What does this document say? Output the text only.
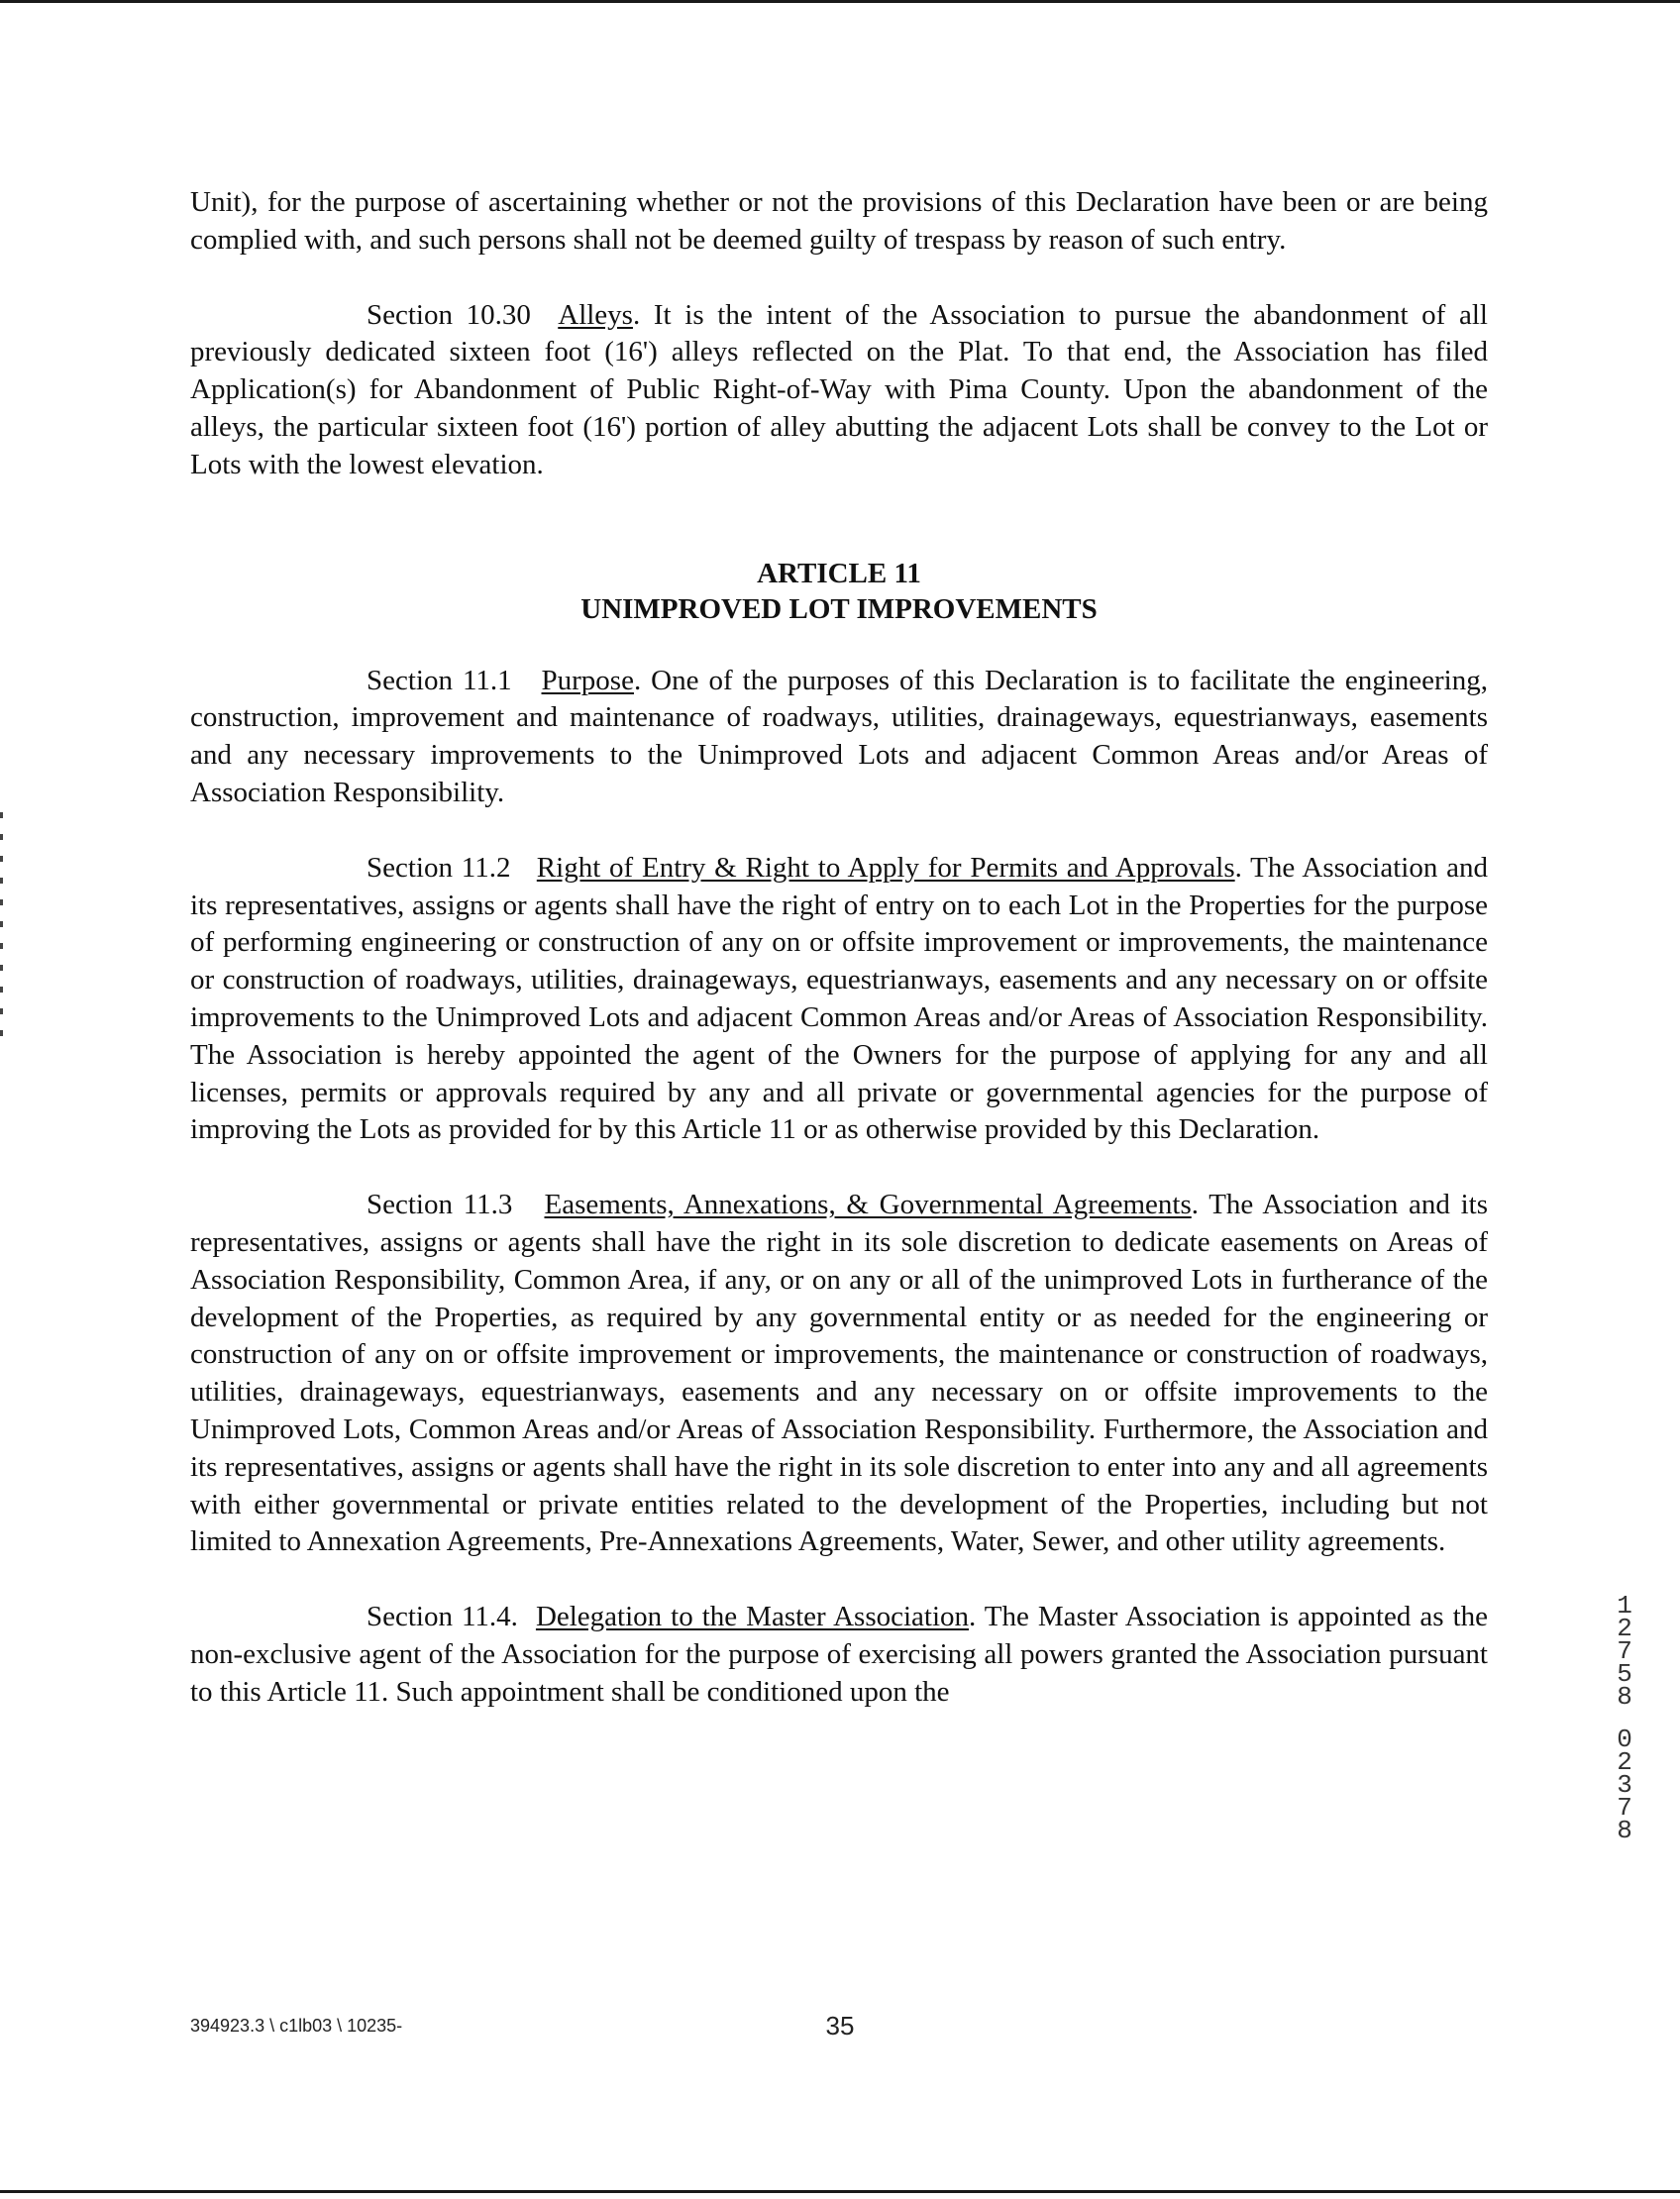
Unit), for the purpose of ascertaining whether or not the provisions of this Declaration have been or are being complied with, and such persons shall not be deemed guilty of trespass by reason of such entry.

Section 10.30 Alleys. It is the intent of the Association to pursue the abandonment of all previously dedicated sixteen foot (16') alleys reflected on the Plat. To that end, the Association has filed Application(s) for Abandonment of Public Right-of-Way with Pima County. Upon the abandonment of the alleys, the particular sixteen foot (16') portion of alley abutting the adjacent Lots shall be convey to the Lot or Lots with the lowest elevation.

ARTICLE 11

UNIMPROVED LOT IMPROVEMENTS

Section 11.1 Purpose. One of the purposes of this Declaration is to facilitate the engineering, construction, improvement and maintenance of roadways, utilities, drainageways, equestrianways, easements and any necessary improvements to the Unimproved Lots and adjacent Common Areas and/or Areas of Association Responsibility.

Section 11.2 Right of Entry & Right to Apply for Permits and Approvals. The Association and its representatives, assigns or agents shall have the right of entry on to each Lot in the Properties for the purpose of performing engineering or construction of any on or offsite improvement or improvements, the maintenance or construction of roadways, utilities, drainageways, equestrianways, easements and any necessary on or offsite improvements to the Unimproved Lots and adjacent Common Areas and/or Areas of Association Responsibility. The Association is hereby appointed the agent of the Owners for the purpose of applying for any and all licenses, permits or approvals required by any and all private or governmental agencies for the purpose of improving the Lots as provided for by this Article 11 or as otherwise provided by this Declaration.

Section 11.3 Easements, Annexations, & Governmental Agreements. The Association and its representatives, assigns or agents shall have the right in its sole discretion to dedicate easements on Areas of Association Responsibility, Common Area, if any, or on any or all of the unimproved Lots in furtherance of the development of the Properties, as required by any governmental entity or as needed for the engineering or construction of any on or offsite improvement or improvements, the maintenance or construction of roadways, utilities, drainageways, equestrianways, easements and any necessary on or offsite improvements to the Unimproved Lots, Common Areas and/or Areas of Association Responsibility. Furthermore, the Association and its representatives, assigns or agents shall have the right in its sole discretion to enter into any and all agreements with either governmental or private entities related to the development of the Properties, including but not limited to Annexation Agreements, Pre-Annexations Agreements, Water, Sewer, and other utility agreements.

Section 11.4. Delegation to the Master Association. The Master Association is appointed as the non-exclusive agent of the Association for the purpose of exercising all powers granted the Association pursuant to this Article 11. Such appointment shall be conditioned upon the

1
2
7
5
8
0
2
3
7
8
394923.3 \ c1lb03 \ 10235-	35
